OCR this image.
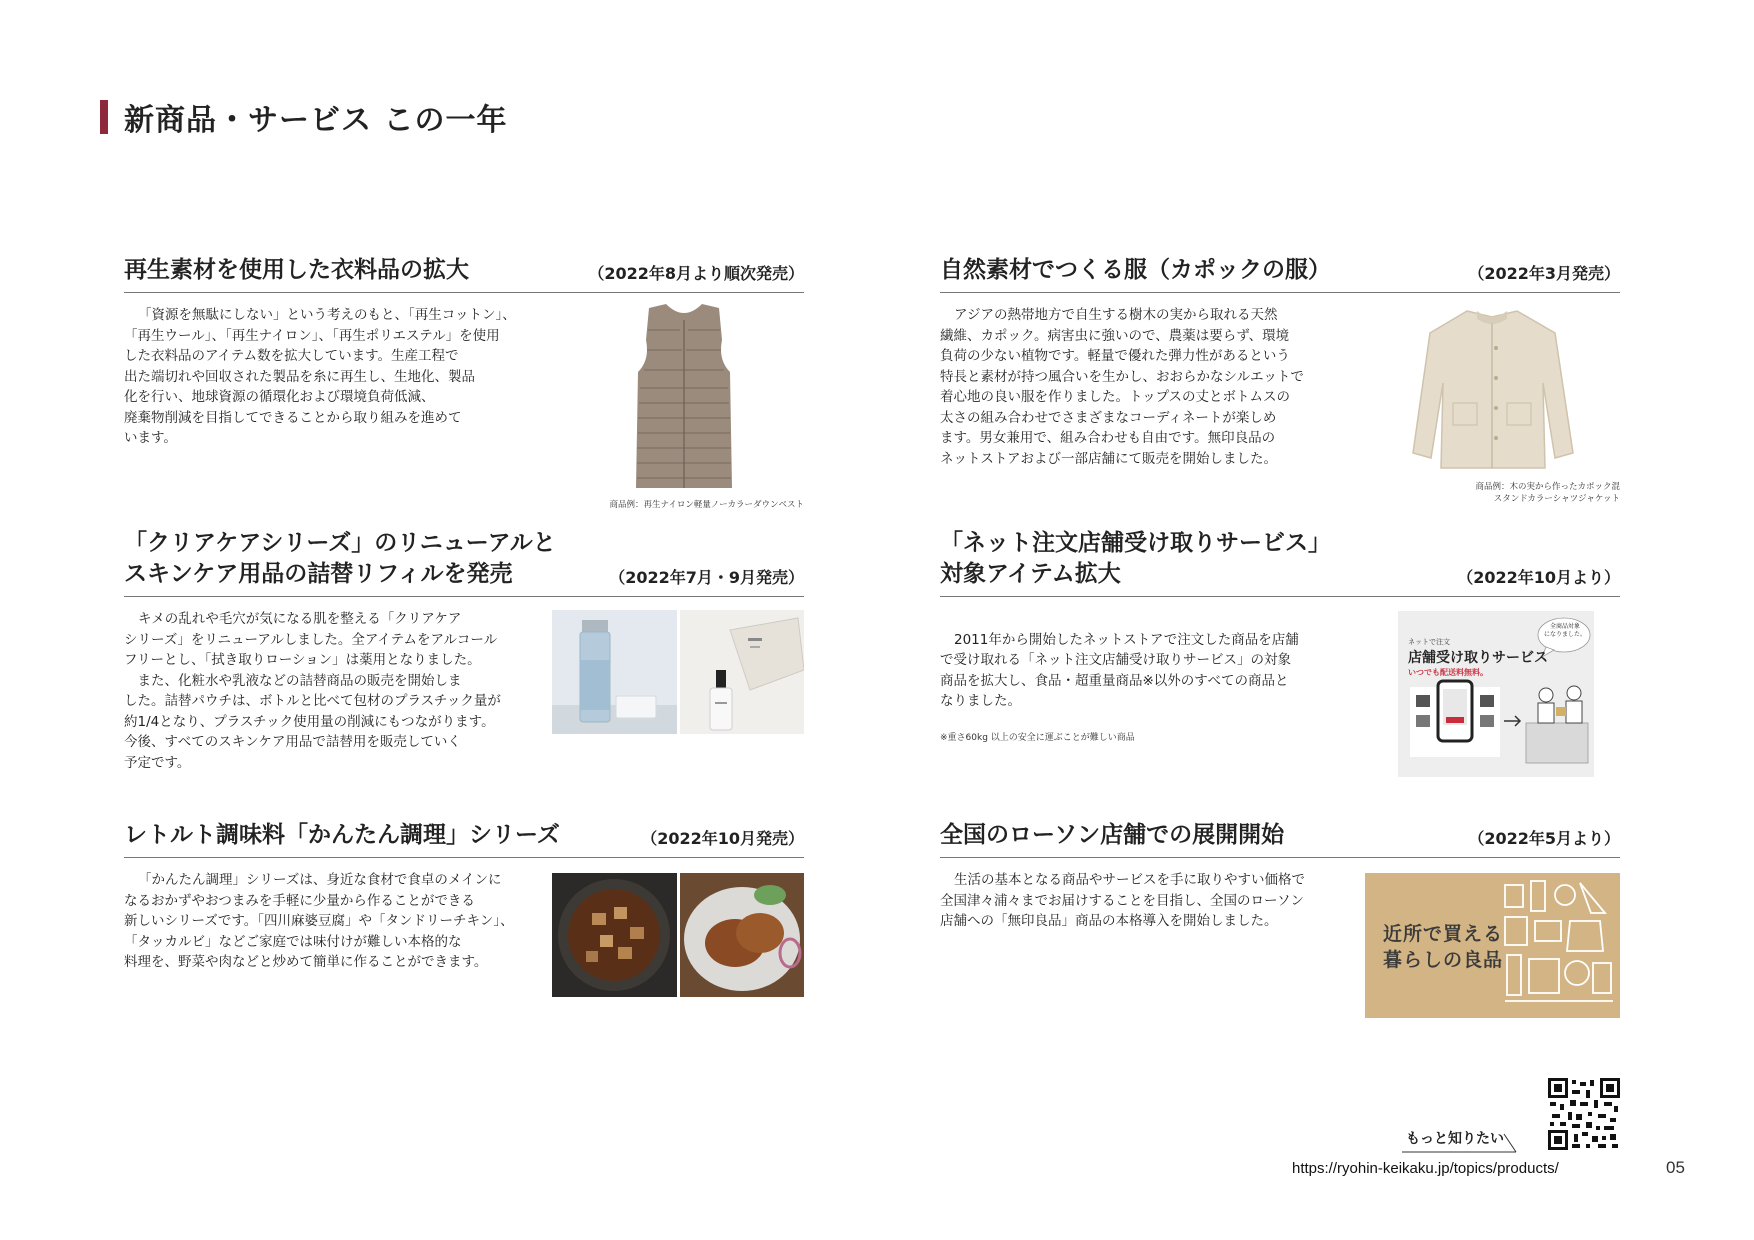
新商品・サービス この一年
再生素材を使用した衣料品の拡大	（2022年8月より順次発売）
「資源を無駄にしない」という考えのもと、「再生コットン」、
「再生ウール」、「再生ナイロン」、「再生ポリエステル」を使用
した衣料品のアイテム数を拡大しています。生産工程で
出た端切れや回収された製品を糸に再生し、生地化、製品
化を行い、地球資源の循環化および環境負荷低減、
廃棄物削減を目指してできることから取り組みを進めて
います。
商品例：再生ナイロン軽量ノーカラーダウンベスト
自然素材でつくる服（カポックの服）	（2022年3月発売）
アジアの熱帯地方で自生する樹木の実から取れる天然
繊維、カポック。病害虫に強いので、農薬は要らず、環境
負荷の少ない植物です。軽量で優れた弾力性があるという
特長と素材が持つ風合いを生かし、おおらかなシルエットで
着心地の良い服を作りました。トップスの丈とボトムスの
太さの組み合わせでさまざまなコーディネートが楽しめ
ます。男女兼用で、組み合わせも自由です。無印良品の
ネットストアおよび一部店舗にて販売を開始しました。
商品例：木の実から作ったカポック混
スタンドカラーシャツジャケット
「クリアケアシリーズ」のリニューアルと
スキンケア用品の詰替リフィルを発売	（2022年7月・9月発売）
キメの乱れや毛穴が気になる肌を整える「クリアケア
シリーズ」をリニューアルしました。全アイテムをアルコール
フリーとし、「拭き取りローション」は薬用となりました。
　また、化粧水や乳液などの詰替商品の販売を開始しま
した。詰替パウチは、ボトルと比べて包材のプラスチック量が
約1/4となり、プラスチック使用量の削減にもつながります。
今後、すべてのスキンケア用品で詰替用を販売していく
予定です。
「ネット注文店舗受け取りサービス」
対象アイテム拡大	（2022年10月より）

2011年から開始したネットストアで注文した商品を店舗
で受け取れる「ネット注文店舗受け取りサービス」の対象
商品を拡大し、食品・超重量商品※以外のすべての商品と
なりました。

※重さ60kg 以上の安全に運ぶことが難しい商品

全商品対象
になりました。
ネットで注文
店舗受け取りサービス
いつでも配送料無料。
レトルト調味料「かんたん調理」シリーズ	（2022年10月発売）
「かんたん調理」シリーズは、身近な食材で食卓のメインに
なるおかずやおつまみを手軽に少量から作ることができる
新しいシリーズです。「四川麻婆豆腐」や「タンドリーチキン」、
「タッカルビ」などご家庭では味付けが難しい本格的な
料理を、野菜や肉などと炒めて簡単に作ることができます。
全国のローソン店舗での展開開始	（2022年5月より）
生活の基本となる商品やサービスを手に取りやすい価格で
全国津々浦々までお届けすることを目指し、全国のローソン
店舗への「無印良品」商品の本格導入を開始しました。
近所で買える
暮らしの良品
もっと知りたい
https://ryohin-keikaku.jp/topics/products/	05
